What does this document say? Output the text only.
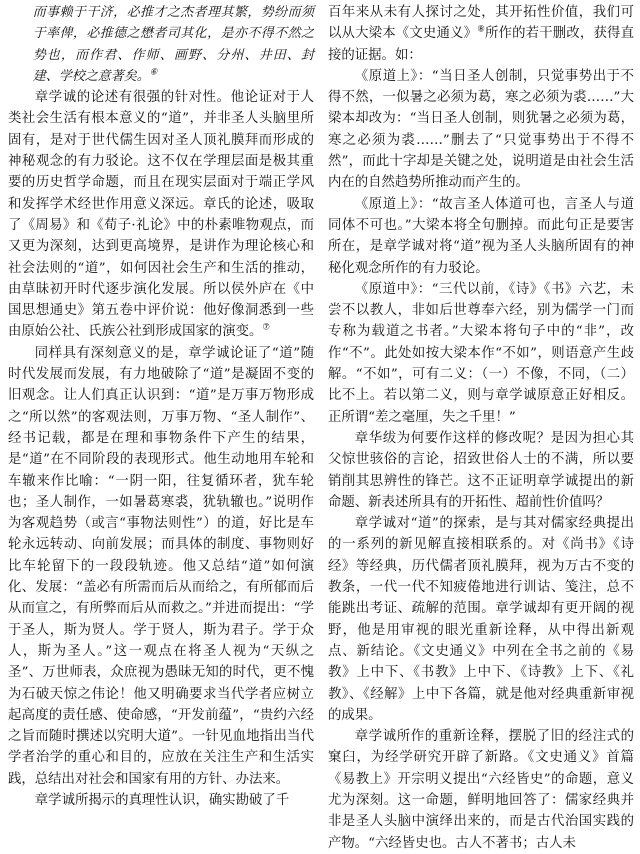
而事赖于干济，必推才之杰者理其繁，势纷而须于率俾，必推德之懋者司其化，是亦不得不然之势也，而作君、作师、画野、分州、井田、封建、学校之意著矣。⑥

章学诚的论述有很强的针对性。他论证对于人类社会生活有根本意义的“道”，并非圣人头脑里所固有，是对于世代儒生因对圣人顶礼膜拜而形成的神秘观念的有力驳论。这不仅在学理层面是极其重要的历史哲学命题，而且在现实层面对于端正学风和发挥学术经世作用意义深远。章氏的论述，吸取了《周易》和《荀子·礼论》中的朴素唯物观点，而又更为深刻，达到更高境界，是讲作为理论核心和社会法则的“道”，如何因社会生产和生活的推动，由草昧初开时代逐步演化发展。所以侯外庐在《中国思想通史》第五卷中评价说：他好像洞悉到一些由原始公社、氏族公社到形成国家的演变。⑦

同样具有深刻意义的是，章学诚论证了“道”随时代发展而发展，有力地破除了“道”是凝固不变的旧观念。让人们真正认识到：“道”是万事万物形成之“所以然”的客观法则，万事万物、“圣人制作”、经书记载，都是在理和事物条件下产生的结果，是“道”在不同阶段的表现形式。他生动地用车轮和车辙来作比喻：“一阴一阳，往复循环者，犹车轮也；圣人制作，一如暑葛寒裘，犹轨辙也。”说明作为客观趋势（或言“事物法则性”）的道，好比是车轮永远转动、向前发展；而具体的制度、事物则好比车轮留下的一段段轨迹。他又总结“道”如何演化、发展：“盖必有所需而后从而给之，有所郁而后从而宣之，有所弊而后从而救之。”并进而提出：“学于圣人，斯为贤人。学于贤人，斯为君子。学于众人，斯为圣人。”这一观点在将圣人视为“天纵之圣”、万世师表，众庶视为愚昧无知的时代，更不愧为石破天惊之伟论！他又明确要求当代学者应树立起高度的责任感、使命感，“开发前蕴”，“贵约六经之旨而随时撰述以究明大道”。一针见血地指出当代学者治学的重心和目的，应放在关注生产和生活实践，总结出对社会和国家有用的方针、办法来。

章学诚所揭示的真理性认识，确实勘破了千

百年来从未有人探讨之处，其开拓性价值，我们可以从大梁本《文史通义》⑧所作的若干删改，获得直接的证据。如：

《原道上》：“当日圣人创制，只觉事势出于不得不然，一似暑之必须为葛，寒之必须为裘……”大梁本却改为：“当日圣人创制，则犹暑之必须为葛，寒之必须为裘……”删去了“只觉事势出于不得不然”，而此十字却是关键之处，说明道是由社会生活内在的自然趋势所推动而产生的。

《原道上》：“故言圣人体道可也，言圣人与道同体不可也。”大梁本将全句删掉。而此句正是要害所在，是章学诚对将“道”视为圣人头脑所固有的神秘化观念所作的有力驳论。

《原道中》：“三代以前，《诗》《书》六艺，未尝不以教人，非如后世尊奉六经，别为儒学一门而专称为载道之书者。”大梁本将句子中的“非”，改作“不”。此处如按大梁本作“不如”，则语意产生歧解。“不如”，可有二义：（一）不像，不同，（二）比不上。若以第二义，则与章学诚原意正好相反。正所谓“差之毫厘，失之千里！”

章华绂为何要作这样的修改呢？是因为担心其父惊世骇俗的言论，招致世俗人士的不满，所以要销削其思辨性的锋芒。这不正证明章学诚提出的新命题、新表述所具有的开拓性、超前性价值吗？

章学诚对“道”的探索，是与其对儒家经典提出的一系列的新见解直接相联系的。对《尚书》《诗经》等经典，历代儒者顶礼膜拜，视为万古不变的教条，一代一代不知疲倦地进行训诂、笺注，总不能跳出考证、疏解的范围。章学诚却有更开阔的视野，他是用审视的眼光重新诠释，从中得出新观点、新结论。《文史通义》中列在全书之前的《易教》上中下、《书教》上中下、《诗教》上下、《礼教》、《经解》上中下各篇，就是他对经典重新审视的成果。

章学诚所作的重新诠释，摆脱了旧的经注式的窠臼，为经学研究开辟了新路。《文史通义》首篇《易教上》开宗明义提出“六经皆史”的命题，意义尤为深刻。这一命题，鲜明地回答了：儒家经典并非是圣人头脑中演绎出来的，而是古代治国实践的产物。“六经皆史也。古人不著书；古人未
